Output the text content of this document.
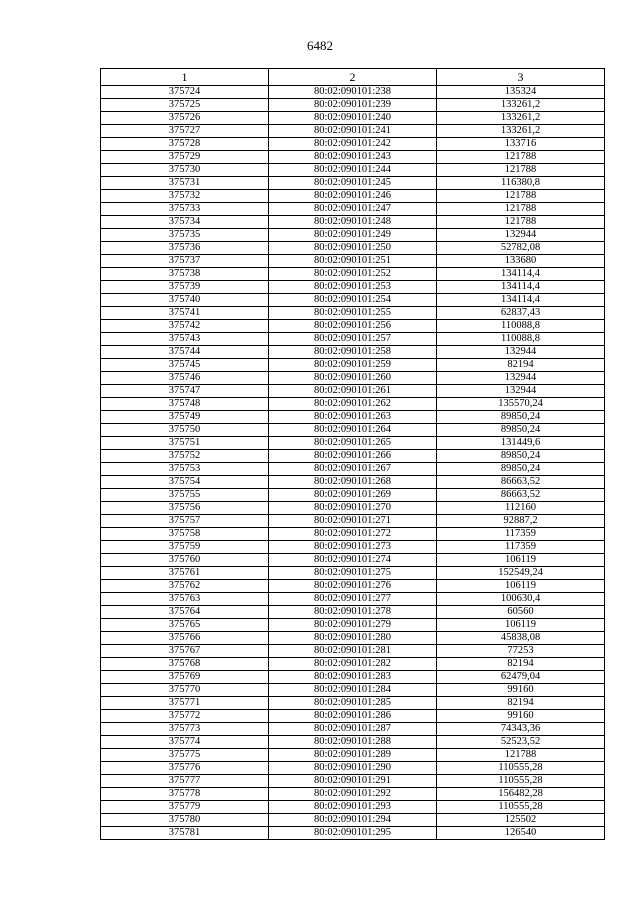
6482
1	2	3
375724	80:02:090101:238	135324
375725	80:02:090101:239	133261,2
375726	80:02:090101:240	133261,2
375727	80:02:090101:241	133261,2
375728	80:02:090101:242	133716
375729	80:02:090101:243	121788
375730	80:02:090101:244	121788
375731	80:02:090101:245	116380,8
375732	80:02:090101:246	121788
375733	80:02:090101:247	121788
375734	80:02:090101:248	121788
375735	80:02:090101:249	132944
375736	80:02:090101:250	52782,08
375737	80:02:090101:251	133680
375738	80:02:090101:252	134114,4
375739	80:02:090101:253	134114,4
375740	80:02:090101:254	134114,4
375741	80:02:090101:255	62837,43
375742	80:02:090101:256	110088,8
375743	80:02:090101:257	110088,8
375744	80:02:090101:258	132944
375745	80:02:090101:259	82194
375746	80:02:090101:260	132944
375747	80:02:090101:261	132944
375748	80:02:090101:262	135570,24
375749	80:02:090101:263	89850,24
375750	80:02:090101:264	89850,24
375751	80:02:090101:265	131449,6
375752	80:02:090101:266	89850,24
375753	80:02:090101:267	89850,24
375754	80:02:090101:268	86663,52
375755	80:02:090101:269	86663,52
375756	80:02:090101:270	112160
375757	80:02:090101:271	92887,2
375758	80:02:090101:272	117359
375759	80:02:090101:273	117359
375760	80:02:090101:274	106119
375761	80:02:090101:275	152549,24
375762	80:02:090101:276	106119
375763	80:02:090101:277	100630,4
375764	80:02:090101:278	60560
375765	80:02:090101:279	106119
375766	80:02:090101:280	45838,08
375767	80:02:090101:281	77253
375768	80:02:090101:282	82194
375769	80:02:090101:283	62479,04
375770	80:02:090101:284	99160
375771	80:02:090101:285	82194
375772	80:02:090101:286	99160
375773	80:02:090101:287	74343,36
375774	80:02:090101:288	52523,52
375775	80:02:090101:289	121788
375776	80:02:090101:290	110555,28
375777	80:02:090101:291	110555,28
375778	80:02:090101:292	156482,28
375779	80:02:090101:293	110555,28
375780	80:02:090101:294	125502
375781	80:02:090101:295	126540
